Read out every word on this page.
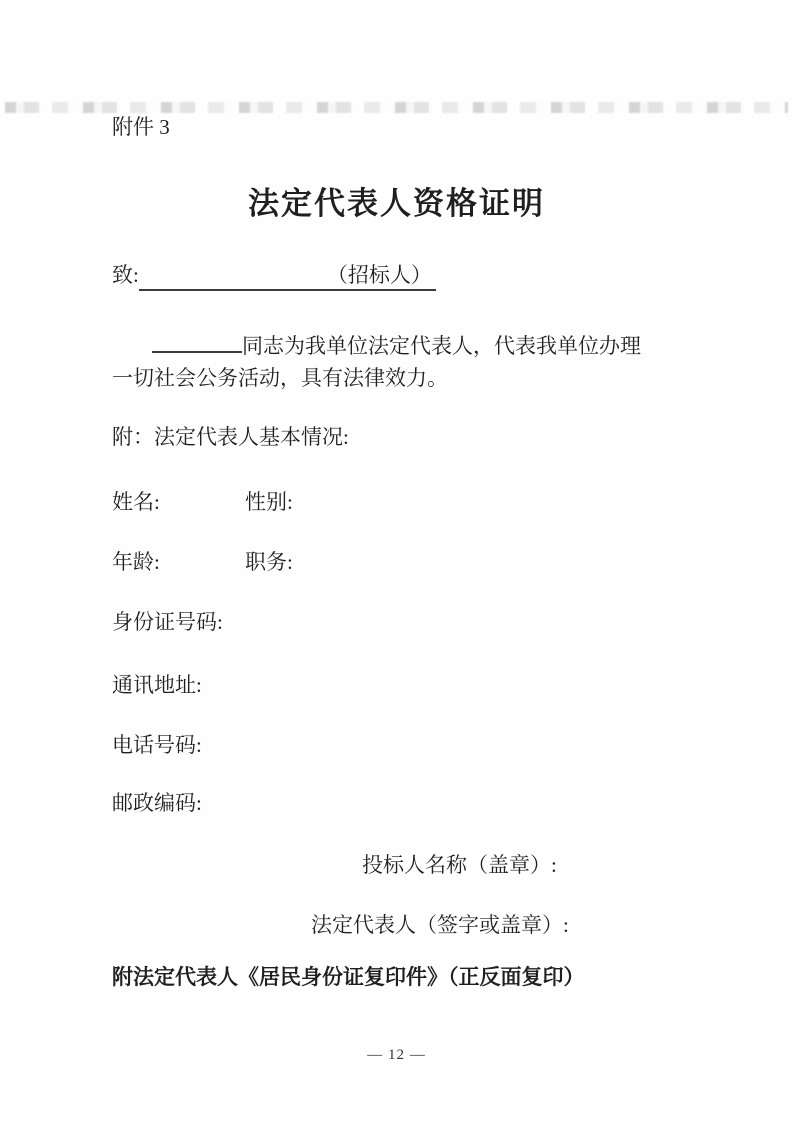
附件 3
法定代表人资格证明
致:	（招标人）
同志为我单位法定代表人，代表我单位办理
一切社会公务活动，具有法律效力。
附：法定代表人基本情况:
姓名:	性别:
年龄:	职务:
身份证号码:
通讯地址:
电话号码:
邮政编码:
投标人名称（盖章）:
法定代表人（签字或盖章）:
附法定代表人《居民身份证复印件》（正反面复印）
— 12 —
